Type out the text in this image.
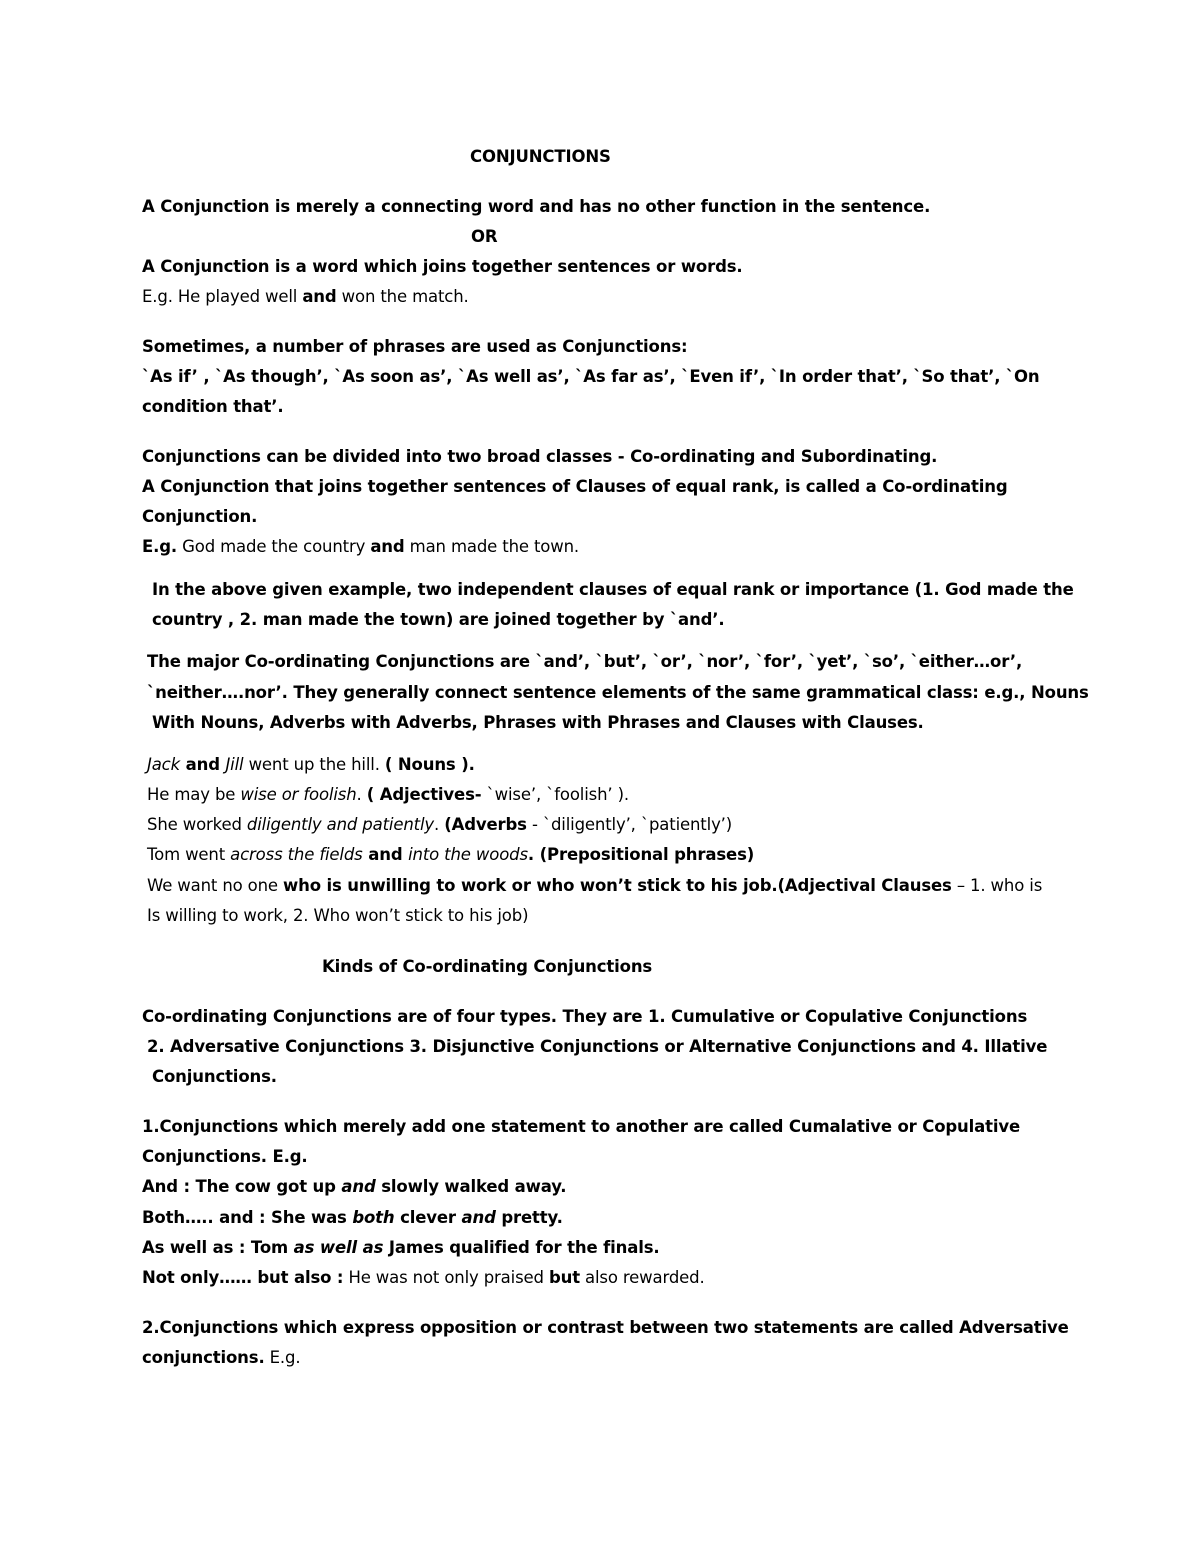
CONJUNCTIONS
A Conjunction is merely a connecting word and has no other function in the sentence.
OR
A Conjunction is a word which joins together sentences or words.
E.g. He played well and won the match.
Sometimes, a number of phrases are used as Conjunctions:
`As if’ , `As though’, `As soon as’, `As well as’, `As far as’, `Even if’, `In order that’, `So that’, `On
condition that’.
Conjunctions can be divided into two broad classes - Co-ordinating and Subordinating.
A Conjunction that joins together sentences of Clauses of equal rank, is called a Co-ordinating
Conjunction.
E.g. God made the country and man made the town.
In the above given example, two independent clauses of equal rank or importance (1. God made the
country , 2. man made the town) are joined together by `and’.
The major Co-ordinating Conjunctions are `and’, `but’, `or’, `nor’, `for’, `yet’, `so’, `either…or’,
`neither….nor’. They generally connect sentence elements of the same grammatical class: e.g., Nouns
With Nouns, Adverbs with Adverbs, Phrases with Phrases and Clauses with Clauses.
Jack and Jill went up the hill. ( Nouns ).
He may be wise or foolish. ( Adjectives- `wise’, `foolish’ ).
She worked diligently and patiently. (Adverbs - `diligently’, `patiently’)
Tom went across the fields and into the woods. (Prepositional phrases)
We want no one who is unwilling to work or who won’t stick to his job.(Adjectival Clauses – 1. who is
Is willing to work, 2. Who won’t stick to his job)
Kinds of Co-ordinating Conjunctions
Co-ordinating Conjunctions are of four types. They are 1. Cumulative or Copulative Conjunctions
2. Adversative Conjunctions 3. Disjunctive Conjunctions or Alternative Conjunctions and 4. Illative
Conjunctions.
1.Conjunctions which merely add one statement to another are called Cumalative or Copulative
Conjunctions. E.g.
And : The cow got up and slowly walked away.
Both….. and : She was both clever and pretty.
As well as : Tom as well as James qualified for the finals.
Not only…… but also : He was not only praised but also rewarded.
2.Conjunctions which express opposition or contrast between two statements are called Adversative
conjunctions. E.g.
